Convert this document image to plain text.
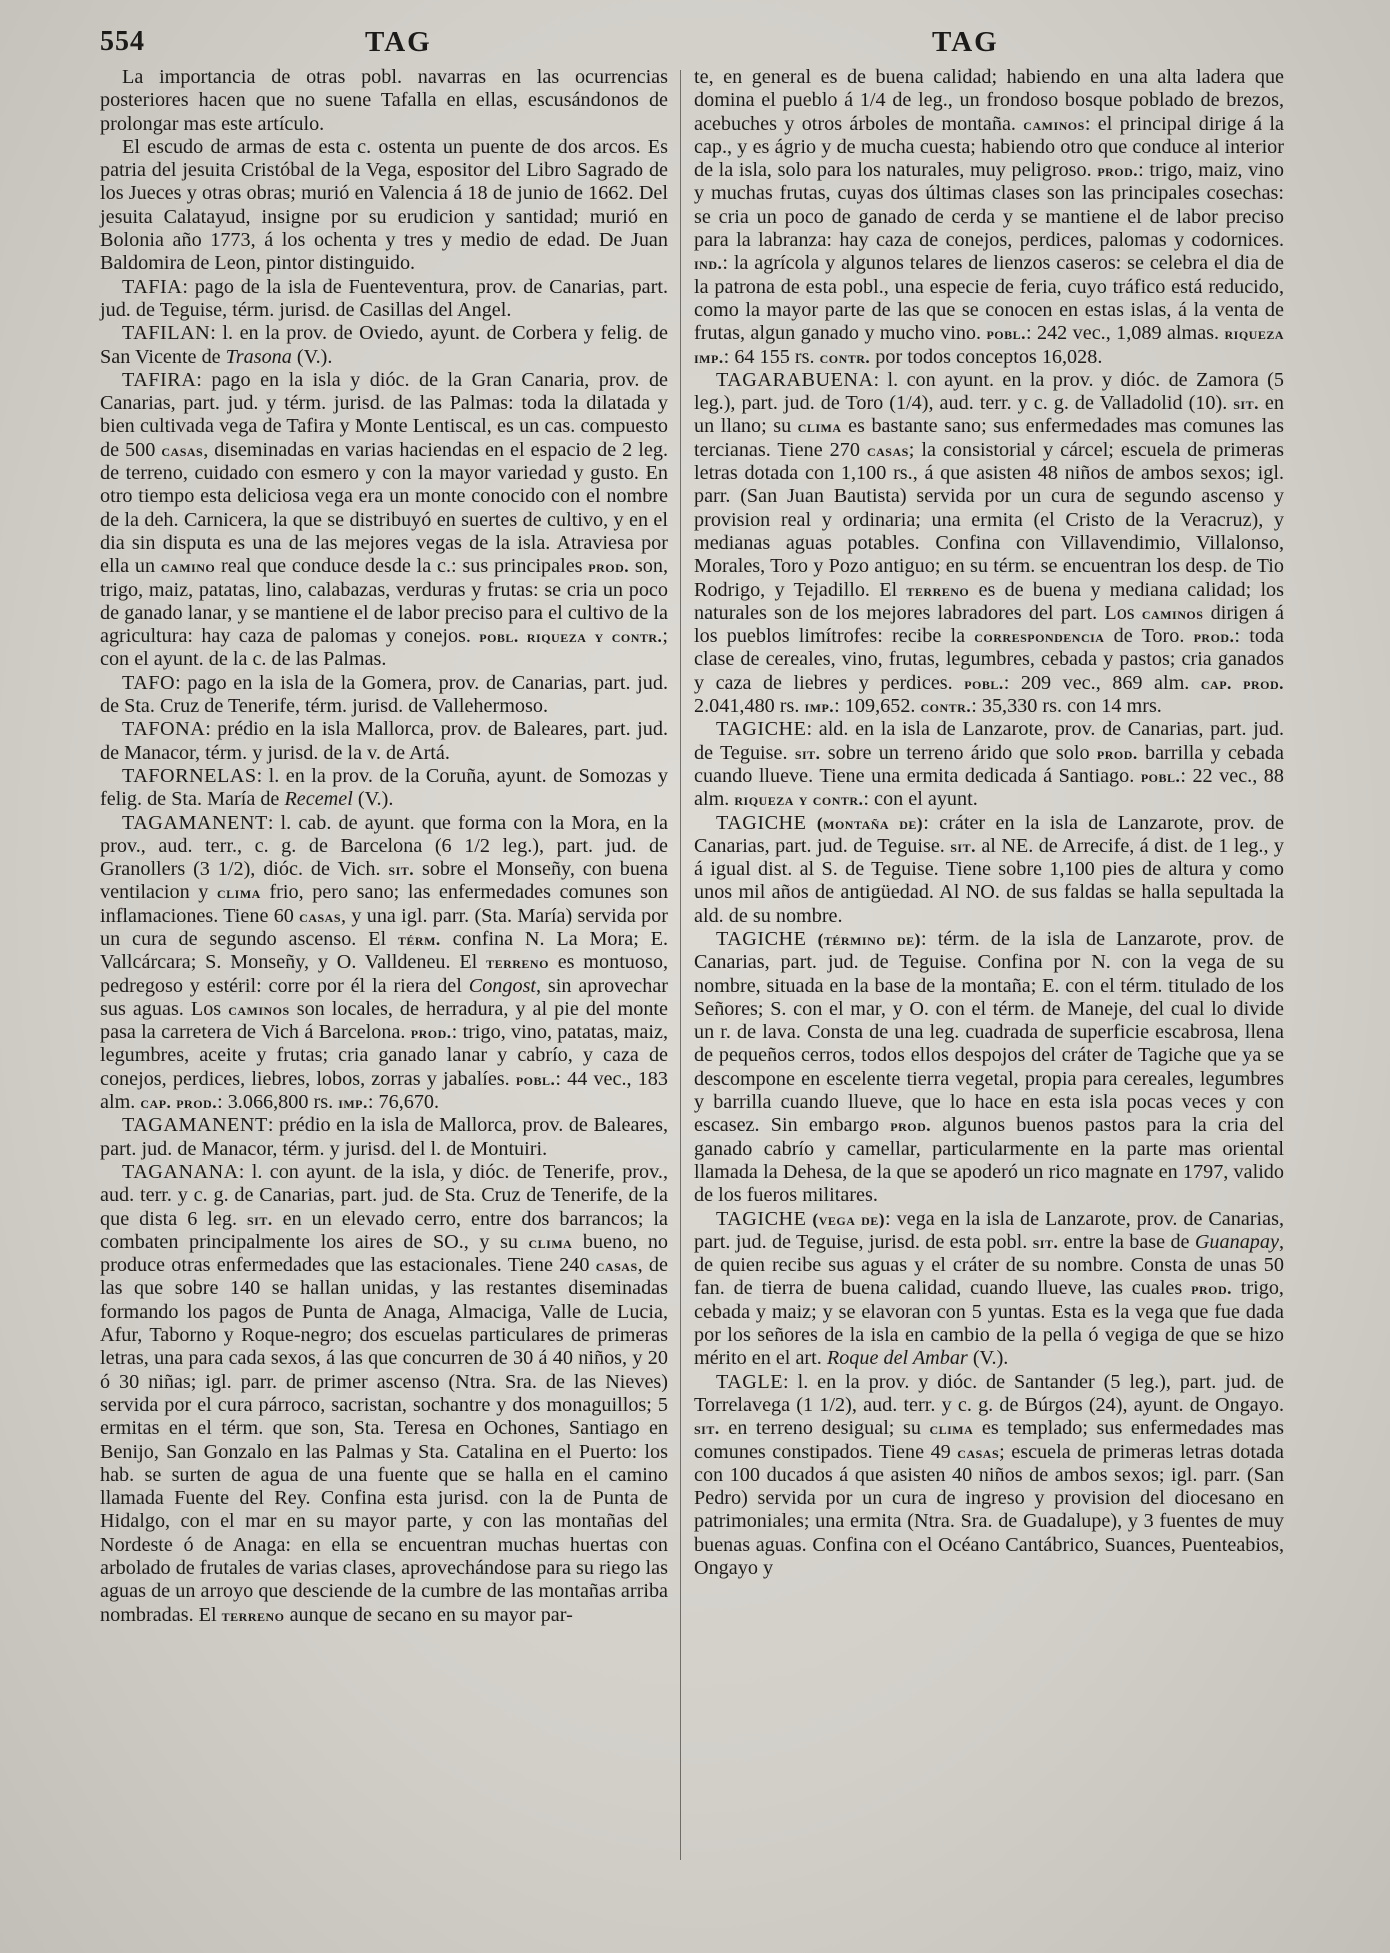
554	TAG	TAG

La importancia de otras pobl. navarras en las ocurrencias posteriores hacen que no suene Tafalla en ellas, escusándonos de prolongar mas este artículo.

El escudo de armas de esta c. ostenta un puente de dos arcos. Es patria del jesuita Cristóbal de la Vega, espositor del Libro Sagrado de los Jueces y otras obras; murió en Valencia á 18 de junio de 1662. Del jesuita Calatayud, insigne por su erudicion y santidad; murió en Bolonia año 1773, á los ochenta y tres y medio de edad. De Juan Baldomira de Leon, pintor distinguido.

TAFIA: pago de la isla de Fuenteventura, prov. de Canarias, part. jud. de Teguise, térm. jurisd. de Casillas del Angel.

TAFILAN: l. en la prov. de Oviedo, ayunt. de Corbera y felig. de San Vicente de Trasona (V.).

TAFIRA: pago en la isla y dióc. de la Gran Canaria, prov. de Canarias, part. jud. y térm. jurisd. de las Palmas: toda la dilatada y bien cultivada vega de Tafira y Monte Lentiscal, es un cas. compuesto de 500 casas, diseminadas en varias haciendas en el espacio de 2 leg. de terreno, cuidado con esmero y con la mayor variedad y gusto. En otro tiempo esta deliciosa vega era un monte conocido con el nombre de la deh. Carnicera, la que se distribuyó en suertes de cultivo, y en el dia sin disputa es una de las mejores vegas de la isla. Atraviesa por ella un camino real que conduce desde la c.: sus principales prod. son, trigo, maiz, patatas, lino, calabazas, verduras y frutas: se cria un poco de ganado lanar, y se mantiene el de labor preciso para el cultivo de la agricultura: hay caza de palomas y conejos. pobl. riqueza y contr.; con el ayunt. de la c. de las Palmas.

TAFO: pago en la isla de la Gomera, prov. de Canarias, part. jud. de Sta. Cruz de Tenerife, térm. jurisd. de Vallehermoso.

TAFONA: prédio en la isla Mallorca, prov. de Baleares, part. jud. de Manacor, térm. y jurisd. de la v. de Artá.

TAFORNELAS: l. en la prov. de la Coruña, ayunt. de Somozas y felig. de Sta. María de Recemel (V.).

TAGAMANENT: l. cab. de ayunt. que forma con la Mora, en la prov., aud. terr., c. g. de Barcelona (6 1/2 leg.), part. jud. de Granollers (3 1/2), dióc. de Vich. sit. sobre el Monseñy, con buena ventilacion y clima frio, pero sano; las enfermedades comunes son inflamaciones. Tiene 60 casas, y una igl. parr. (Sta. María) servida por un cura de segundo ascenso. El térm. confina N. La Mora; E. Vallcárcara; S. Monseñy, y O. Valldeneu. El terreno es montuoso, pedregoso y estéril: corre por él la riera del Congost, sin aprovechar sus aguas. Los caminos son locales, de herradura, y al pie del monte pasa la carretera de Vich á Barcelona. prod.: trigo, vino, patatas, maiz, legumbres, aceite y frutas; cria ganado lanar y cabrío, y caza de conejos, perdices, liebres, lobos, zorras y jabalíes. pobl.: 44 vec., 183 alm. cap. prod.: 3.066,800 rs. imp.: 76,670.

TAGAMANENT: prédio en la isla de Mallorca, prov. de Baleares, part. jud. de Manacor, térm. y jurisd. del l. de Montuiri.

TAGANANA: l. con ayunt. de la isla, y dióc. de Tenerife, prov., aud. terr. y c. g. de Canarias, part. jud. de Sta. Cruz de Tenerife, de la que dista 6 leg. sit. en un elevado cerro, entre dos barrancos; la combaten principalmente los aires de SO., y su clima bueno, no produce otras enfermedades que las estacionales. Tiene 240 casas, de las que sobre 140 se hallan unidas, y las restantes diseminadas formando los pagos de Punta de Anaga, Almaciga, Valle de Lucia, Afur, Taborno y Roque-negro; dos escuelas particulares de primeras letras, una para cada sexos, á las que concurren de 30 á 40 niños, y 20 ó 30 niñas; igl. parr. de primer ascenso (Ntra. Sra. de las Nieves) servida por el cura párroco, sacristan, sochantre y dos monaguillos; 5 ermitas en el térm. que son, Sta. Teresa en Ochones, Santiago en Benijo, San Gonzalo en las Palmas y Sta. Catalina en el Puerto: los hab. se surten de agua de una fuente que se halla en el camino llamada Fuente del Rey. Confina esta jurisd. con la de Punta de Hidalgo, con el mar en su mayor parte, y con las montañas del Nordeste ó de Anaga: en ella se encuentran muchas huertas con arbolado de frutales de varias clases, aprovechándose para su riego las aguas de un arroyo que desciende de la cumbre de las montañas arriba nombradas. El terreno aunque de secano en su mayor par-

te, en general es de buena calidad; habiendo en una alta ladera que domina el pueblo á 1/4 de leg., un frondoso bosque poblado de brezos, acebuches y otros árboles de montaña. caminos: el principal dirige á la cap., y es ágrio y de mucha cuesta; habiendo otro que conduce al interior de la isla, solo para los naturales, muy peligroso. prod.: trigo, maiz, vino y muchas frutas, cuyas dos últimas clases son las principales cosechas: se cria un poco de ganado de cerda y se mantiene el de labor preciso para la labranza: hay caza de conejos, perdices, palomas y codornices. ind.: la agrícola y algunos telares de lienzos caseros: se celebra el dia de la patrona de esta pobl., una especie de feria, cuyo tráfico está reducido, como la mayor parte de las que se conocen en estas islas, á la venta de frutas, algun ganado y mucho vino. pobl.: 242 vec., 1,089 almas. riqueza imp.: 64 155 rs. contr. por todos conceptos 16,028.

TAGARABUENA: l. con ayunt. en la prov. y dióc. de Zamora (5 leg.), part. jud. de Toro (1/4), aud. terr. y c. g. de Valladolid (10). sit. en un llano; su clima es bastante sano; sus enfermedades mas comunes las tercianas. Tiene 270 casas; la consistorial y cárcel; escuela de primeras letras dotada con 1,100 rs., á que asisten 48 niños de ambos sexos; igl. parr. (San Juan Bautista) servida por un cura de segundo ascenso y provision real y ordinaria; una ermita (el Cristo de la Veracruz), y medianas aguas potables. Confina con Villavendimio, Villalonso, Morales, Toro y Pozo antiguo; en su térm. se encuentran los desp. de Tio Rodrigo, y Tejadillo. El terreno es de buena y mediana calidad; los naturales son de los mejores labradores del part. Los caminos dirigen á los pueblos limítrofes: recibe la correspondencia de Toro. prod.: toda clase de cereales, vino, frutas, legumbres, cebada y pastos; cria ganados y caza de liebres y perdices. pobl.: 209 vec., 869 alm. cap. prod. 2.041,480 rs. imp.: 109,652. contr.: 35,330 rs. con 14 mrs.

TAGICHE: ald. en la isla de Lanzarote, prov. de Canarias, part. jud. de Teguise. sit. sobre un terreno árido que solo prod. barrilla y cebada cuando llueve. Tiene una ermita dedicada á Santiago. pobl.: 22 vec., 88 alm. riqueza y contr.: con el ayunt.

TAGICHE (montaña de): cráter en la isla de Lanzarote, prov. de Canarias, part. jud. de Teguise. sit. al NE. de Arrecife, á dist. de 1 leg., y á igual dist. al S. de Teguise. Tiene sobre 1,100 pies de altura y como unos mil años de antigüedad. Al NO. de sus faldas se halla sepultada la ald. de su nombre.

TAGICHE (término de): térm. de la isla de Lanzarote, prov. de Canarias, part. jud. de Teguise. Confina por N. con la vega de su nombre, situada en la base de la montaña; E. con el térm. titulado de los Señores; S. con el mar, y O. con el térm. de Maneje, del cual lo divide un r. de lava. Consta de una leg. cuadrada de superficie escabrosa, llena de pequeños cerros, todos ellos despojos del cráter de Tagiche que ya se descompone en escelente tierra vegetal, propia para cereales, legumbres y barrilla cuando llueve, que lo hace en esta isla pocas veces y con escasez. Sin embargo prod. algunos buenos pastos para la cria del ganado cabrío y camellar, particularmente en la parte mas oriental llamada la Dehesa, de la que se apoderó un rico magnate en 1797, valido de los fueros militares.

TAGICHE (vega de): vega en la isla de Lanzarote, prov. de Canarias, part. jud. de Teguise, jurisd. de esta pobl. sit. entre la base de Guanapay, de quien recibe sus aguas y el cráter de su nombre. Consta de unas 50 fan. de tierra de buena calidad, cuando llueve, las cuales prod. trigo, cebada y maiz; y se elavoran con 5 yuntas. Esta es la vega que fue dada por los señores de la isla en cambio de la pella ó vegiga de que se hizo mérito en el art. Roque del Ambar (V.).

TAGLE: l. en la prov. y dióc. de Santander (5 leg.), part. jud. de Torrelavega (1 1/2), aud. terr. y c. g. de Búrgos (24), ayunt. de Ongayo. sit. en terreno desigual; su clima es templado; sus enfermedades mas comunes constipados. Tiene 49 casas; escuela de primeras letras dotada con 100 ducados á que asisten 40 niños de ambos sexos; igl. parr. (San Pedro) servida por un cura de ingreso y provision del diocesano en patrimoniales; una ermita (Ntra. Sra. de Guadalupe), y 3 fuentes de muy buenas aguas. Confina con el Océano Cantábrico, Suances, Puenteabios, Ongayo y
